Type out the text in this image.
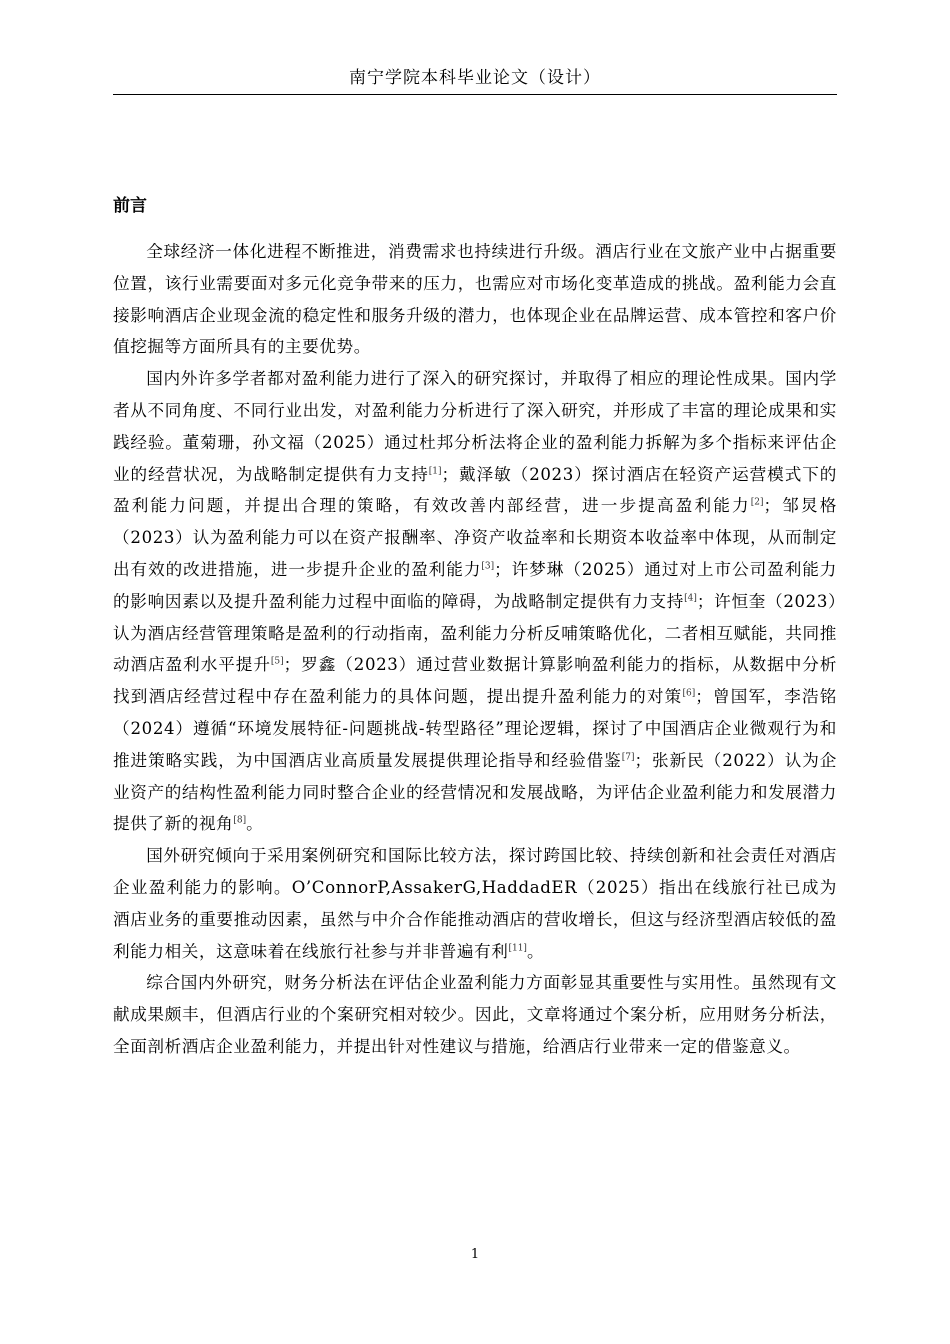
南宁学院本科毕业论文（设计）
前言

全球经济一体化进程不断推进，消费需求也持续进行升级。酒店行业在文旅产业中占据重要位置，该行业需要面对多元化竞争带来的压力，也需应对市场化变革造成的挑战。盈利能力会直接影响酒店企业现金流的稳定性和服务升级的潜力，也体现企业在品牌运营、成本管控和客户价值挖掘等方面所具有的主要优势。

国内外许多学者都对盈利能力进行了深入的研究探讨，并取得了相应的理论性成果。国内学者从不同角度、不同行业出发，对盈利能力分析进行了深入研究，并形成了丰富的理论成果和实践经验。董菊珊，孙文福（2025）通过杜邦分析法将企业的盈利能力拆解为多个指标来评估企业的经营状况，为战略制定提供有力支持[1]；戴泽敏（2023）探讨酒店在轻资产运营模式下的盈利能力问题，并提出合理的策略，有效改善内部经营，进一步提高盈利能力[2]；邹炅格（2023）认为盈利能力可以在资产报酬率、净资产收益率和长期资本收益率中体现，从而制定出有效的改进措施，进一步提升企业的盈利能力[3]；许梦琳（2025）通过对上市公司盈利能力的影响因素以及提升盈利能力过程中面临的障碍，为战略制定提供有力支持[4]；许恒奎（2023）认为酒店经营管理策略是盈利的行动指南，盈利能力分析反哺策略优化，二者相互赋能，共同推动酒店盈利水平提升[5]；罗鑫（2023）通过营业数据计算影响盈利能力的指标，从数据中分析找到酒店经营过程中存在盈利能力的具体问题，提出提升盈利能力的对策[6]；曾国军，李浩铭（2024）遵循“环境发展特征-问题挑战-转型路径”理论逻辑，探讨了中国酒店企业微观行为和推进策略实践，为中国酒店业高质量发展提供理论指导和经验借鉴[7]；张新民（2022）认为企业资产的结构性盈利能力同时整合企业的经营情况和发展战略，为评估企业盈利能力和发展潜力提供了新的视角[8]。

国外研究倾向于采用案例研究和国际比较方法，探讨跨国比较、持续创新和社会责任对酒店企业盈利能力的影响。O’ConnorP,AssakerG,HaddadER（2025）指出在线旅行社已成为酒店业务的重要推动因素，虽然与中介合作能推动酒店的营收增长，但这与经济型酒店较低的盈利能力相关，这意味着在线旅行社参与并非普遍有利[11]。

综合国内外研究，财务分析法在评估企业盈利能力方面彰显其重要性与实用性。虽然现有文献成果颇丰，但酒店行业的个案研究相对较少。因此，文章将通过个案分析，应用财务分析法，全面剖析酒店企业盈利能力，并提出针对性建议与措施，给酒店行业带来一定的借鉴意义。

1
